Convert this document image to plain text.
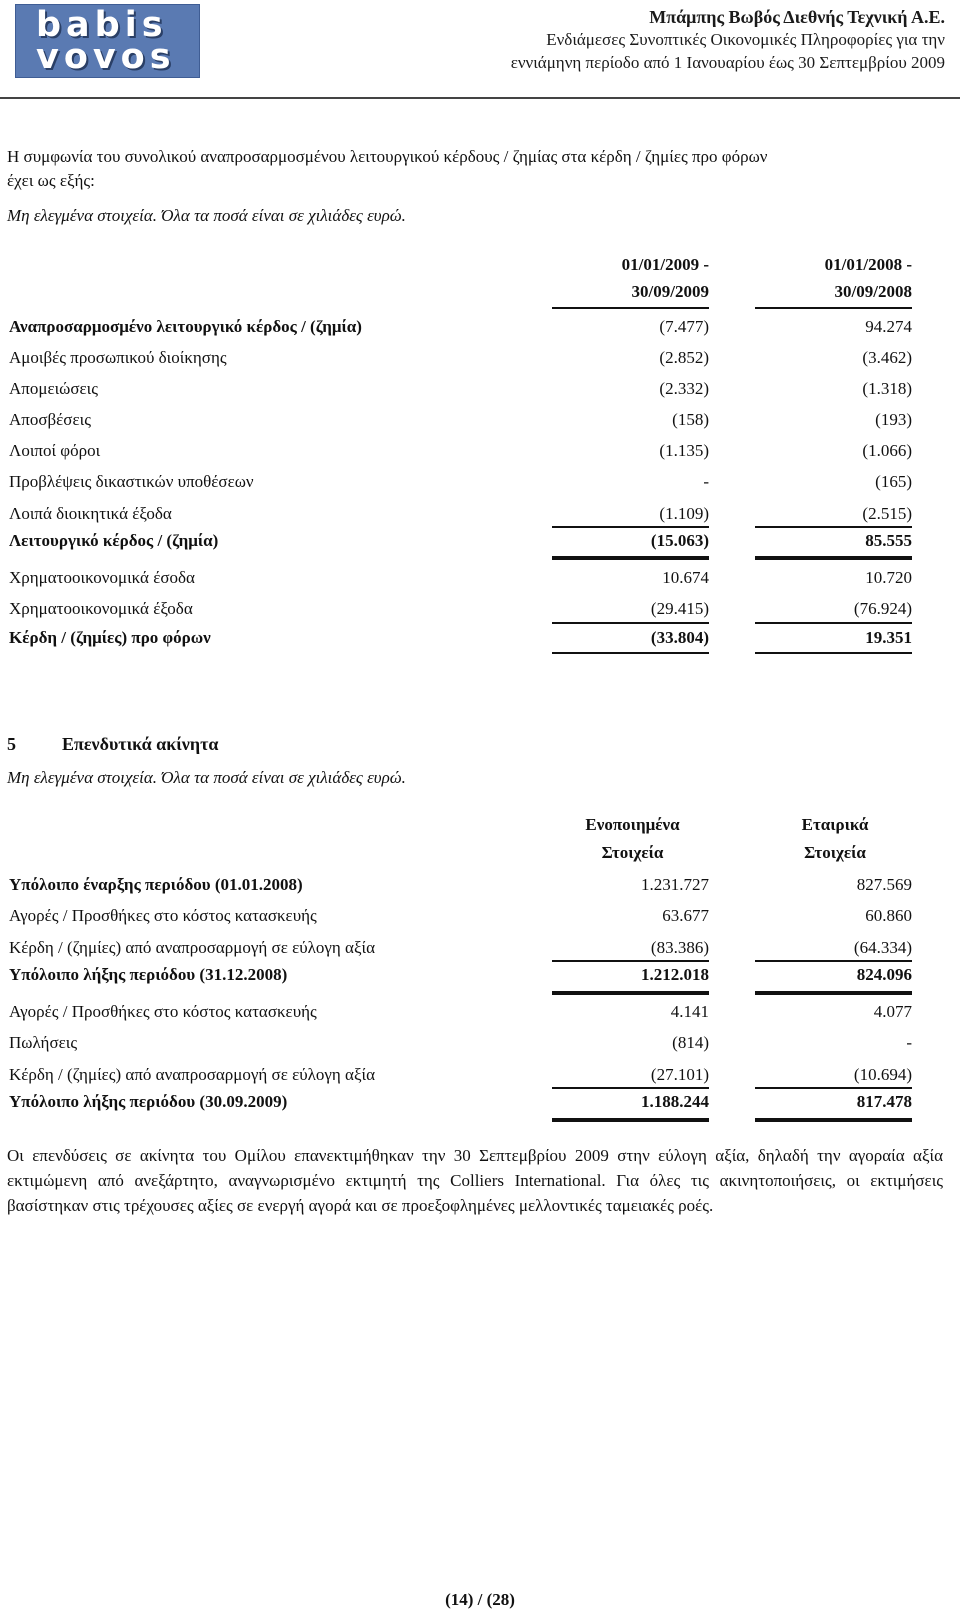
babis
vovos
Μπάμπης Βωβός Διεθνής Τεχνική Α.Ε.
Ενδιάμεσες Συνοπτικές Οικονομικές Πληροφορίες για την
εννιάμηνη περίοδο από 1 Ιανουαρίου έως 30 Σεπτεμβρίου 2009
Η συμφωνία του συνολικού αναπροσαρμοσμένου λειτουργικού κέρδους / ζημίας στα κέρδη / ζημίες προ φόρων
έχει ως εξής:
Μη ελεγμένα στοιχεία. Όλα τα ποσά είναι σε χιλιάδες ευρώ.
01/01/2009 -
30/09/2009
01/01/2008 -
30/09/2008
Αναπροσαρμοσμένο λειτουργικό κέρδος / (ζημία)	(7.477)	94.274
Αμοιβές προσωπικού διοίκησης	(2.852)	(3.462)
Απομειώσεις	(2.332)	(1.318)
Αποσβέσεις	(158)	(193)
Λοιποί φόροι	(1.135)	(1.066)
Προβλέψεις δικαστικών υποθέσεων	-	(165)
Λοιπά διοικητικά έξοδα	(1.109)	(2.515)
Λειτουργικό κέρδος / (ζημία)	(15.063)	85.555
Χρηματοοικονομικά έσοδα	10.674	10.720
Χρηματοοικονομικά έξοδα	(29.415)	(76.924)
Κέρδη / (ζημίες) προ φόρων	(33.804)	19.351
5	Επενδυτικά ακίνητα
Μη ελεγμένα στοιχεία. Όλα τα ποσά είναι σε χιλιάδες ευρώ.
Ενοποιημένα
Στοιχεία
Εταιρικά
Στοιχεία
Υπόλοιπο έναρξης περιόδου (01.01.2008)	1.231.727	827.569
Αγορές / Προσθήκες στο κόστος κατασκευής	63.677	60.860
Κέρδη / (ζημίες) από αναπροσαρμογή σε εύλογη αξία	(83.386)	(64.334)
Υπόλοιπο λήξης περιόδου (31.12.2008)	1.212.018	824.096
Αγορές / Προσθήκες στο κόστος κατασκευής	4.141	4.077
Πωλήσεις	(814)	-
Κέρδη / (ζημίες) από αναπροσαρμογή σε εύλογη αξία	(27.101)	(10.694)
Υπόλοιπο λήξης περιόδου (30.09.2009)	1.188.244	817.478
Οι επενδύσεις σε ακίνητα του Ομίλου επανεκτιμήθηκαν την 30 Σεπτεμβρίου 2009 στην εύλογη αξία, δηλαδή την αγοραία αξία εκτιμώμενη από ανεξάρτητο, αναγνωρισμένο εκτιμητή της Colliers International. Για όλες τις ακινητοποιήσεις, οι εκτιμήσεις βασίστηκαν στις τρέχουσες αξίες σε ενεργή αγορά και σε προεξοφλημένες μελλοντικές ταμειακές ροές.
(14) / (28)
